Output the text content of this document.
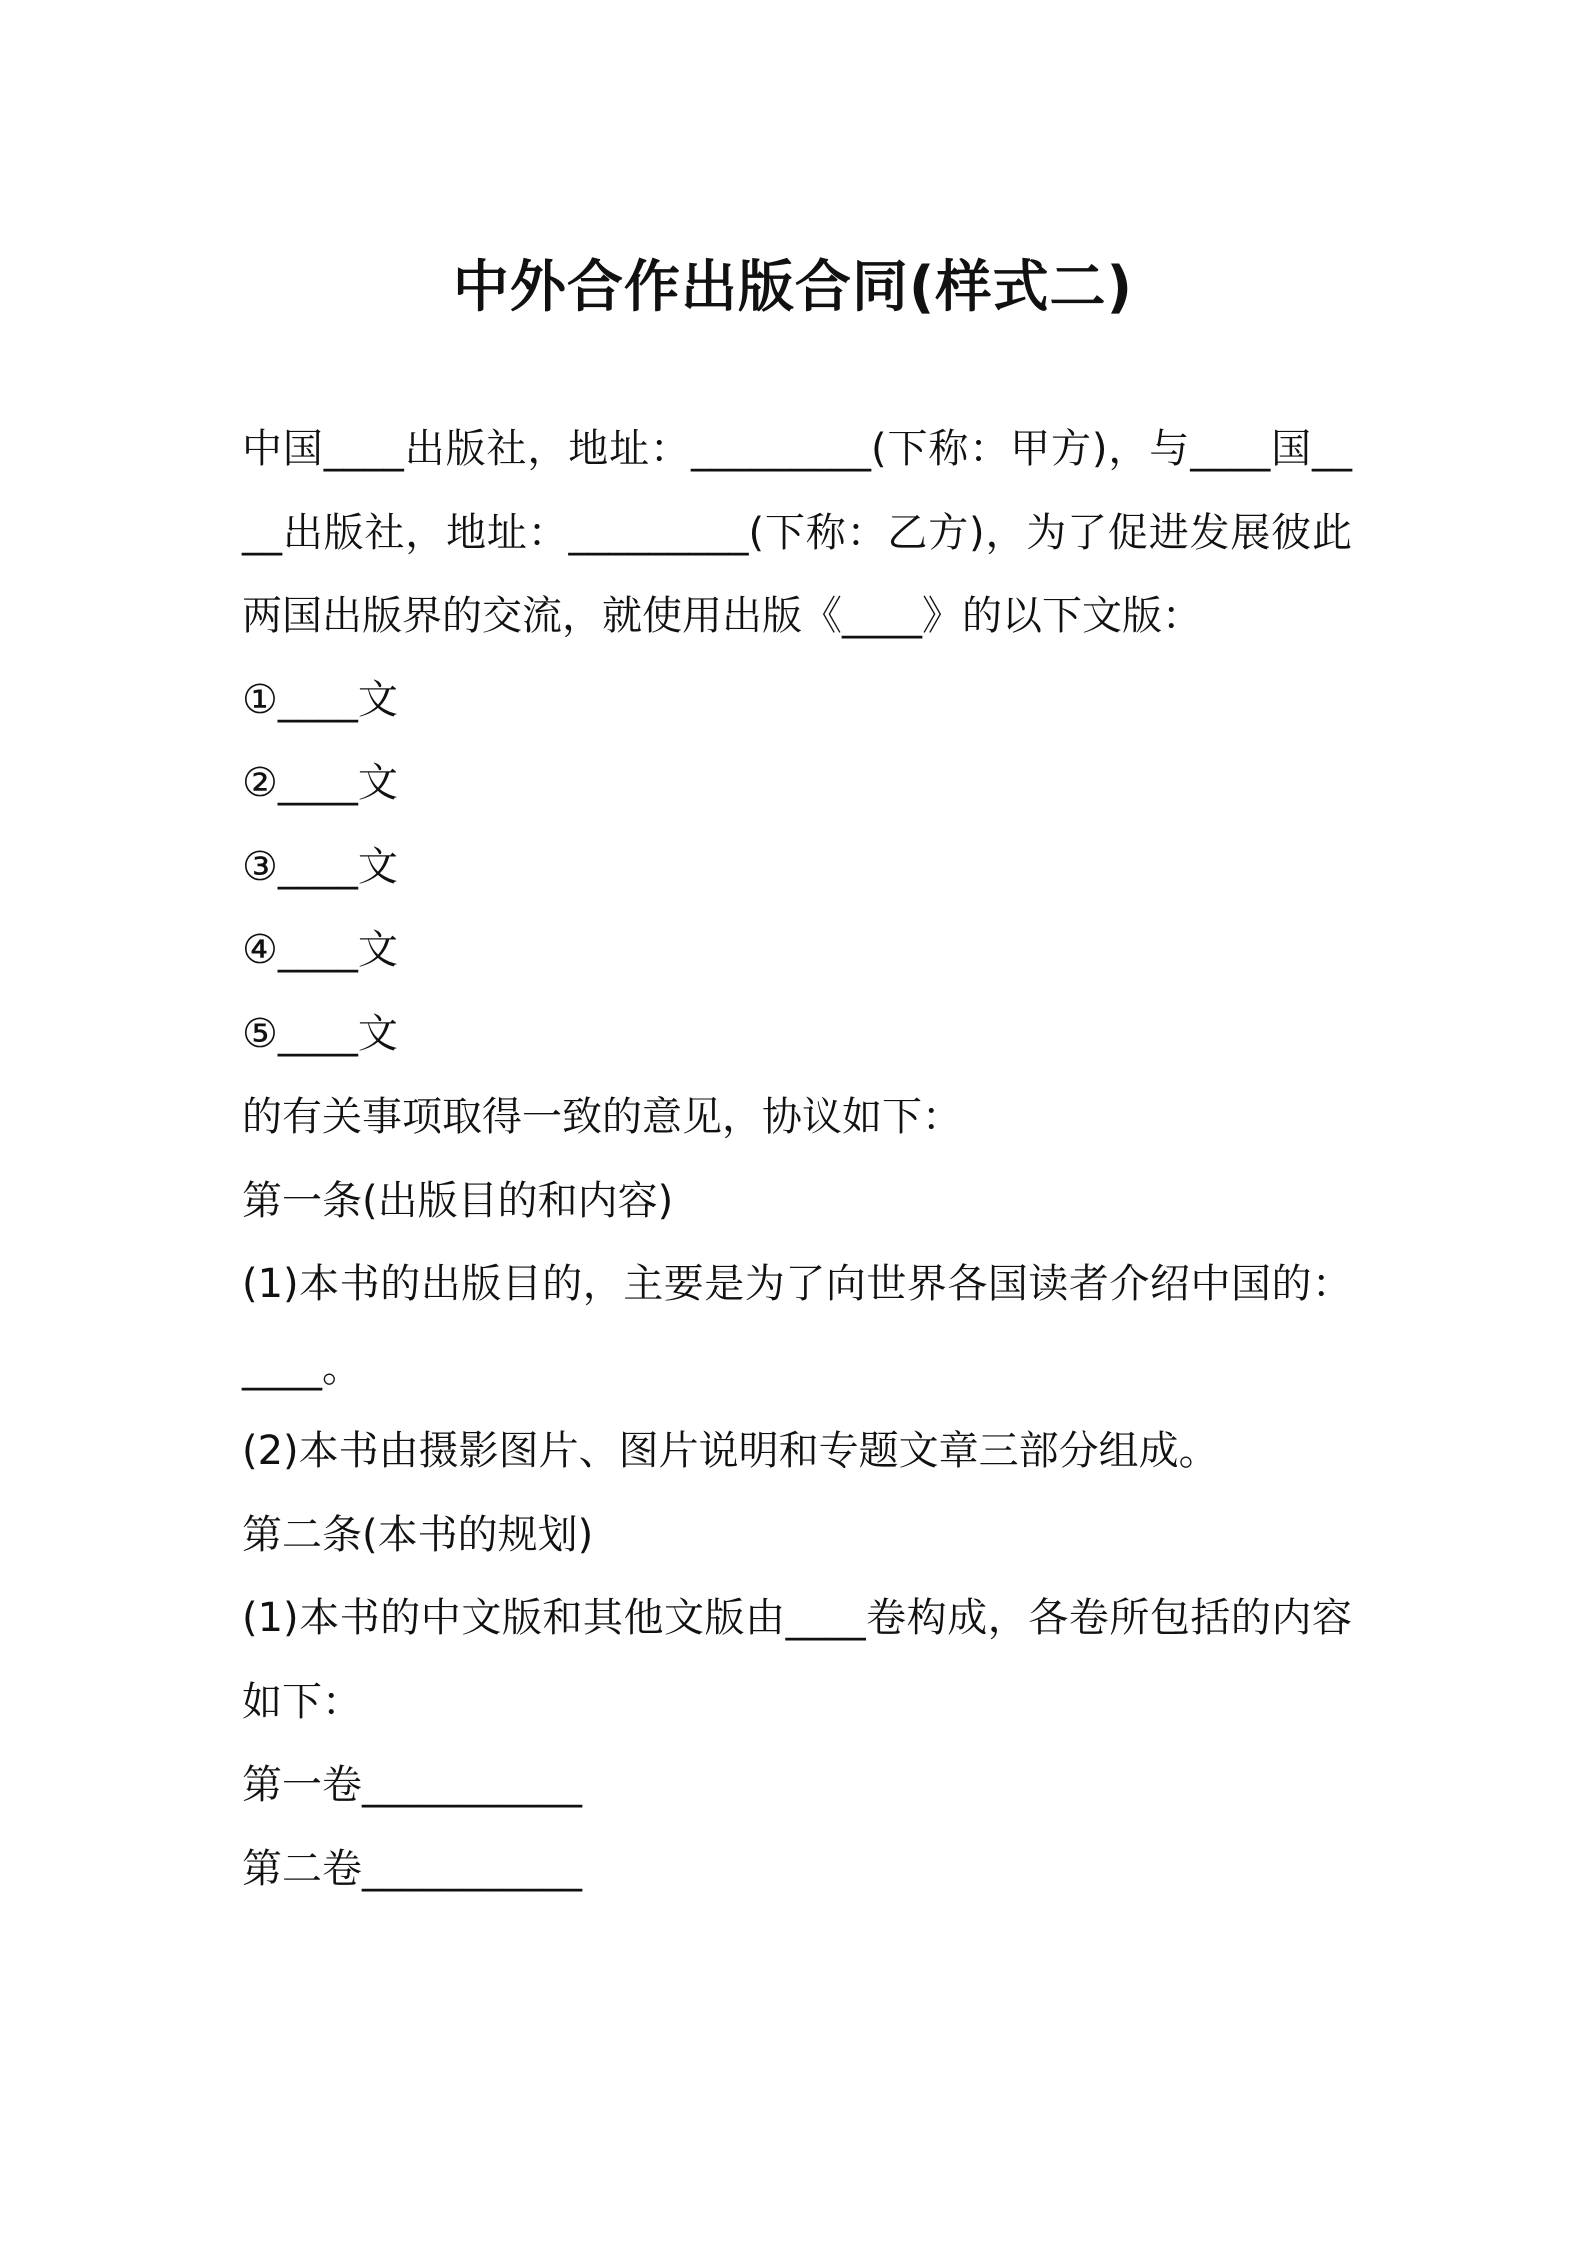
中外合作出版合同(样式二)

中国____出版社，地址：_________(下称：甲方)，与____国____出版社，地址：_________(下称：乙方)，为了促进发展彼此两国出版界的交流，就使用出版《____》的以下文版：

①____文

②____文

③____文

④____文

⑤____文

的有关事项取得一致的意见，协议如下：

第一条(出版目的和内容)

(1)本书的出版目的，主要是为了向世界各国读者介绍中国的：____。

(2)本书由摄影图片、图片说明和专题文章三部分组成。

第二条(本书的规划)

(1)本书的中文版和其他文版由____卷构成，各卷所包括的内容如下：

第一卷___________

第二卷___________
